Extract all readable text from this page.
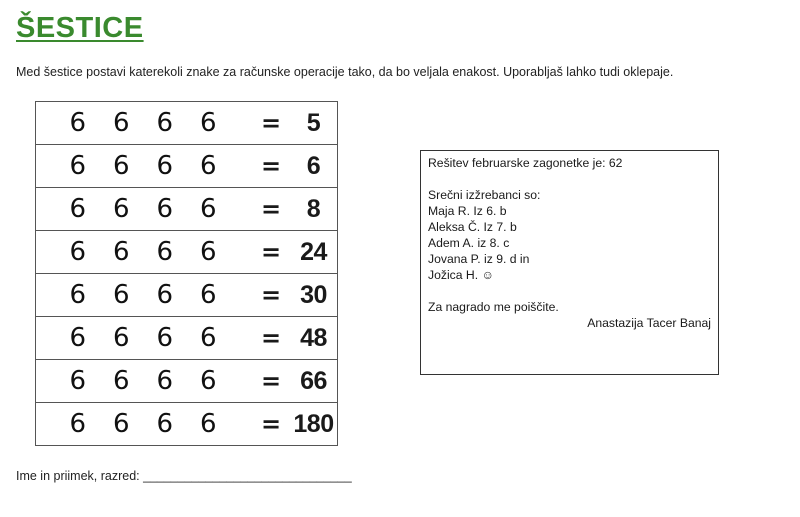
ŠESTICE
Med šestice postavi katerekoli znake za računske operacije tako, da bo veljala enakost. Uporabljaš lahko tudi oklepaje.
	6	6	6	6		=	5
	6	6	6	6		=	6
	6	6	6	6		=	8
	6	6	6	6		=	24
	6	6	6	6		=	30
	6	6	6	6		=	48
	6	6	6	6		=	66
	6	6	6	6		=	180
Rešitev februarske zagonetke je: 62
Srečni izžrebanci so:
Maja R. Iz 6. b
Aleksa Č. Iz 7. b
Adem A. iz 8. c
Jovana P. iz 9. d in
Jožica H. ☺
Za nagrado me poiščite.
Anastazija Tacer Banaj
Ime in priimek, razred: ______________________________
